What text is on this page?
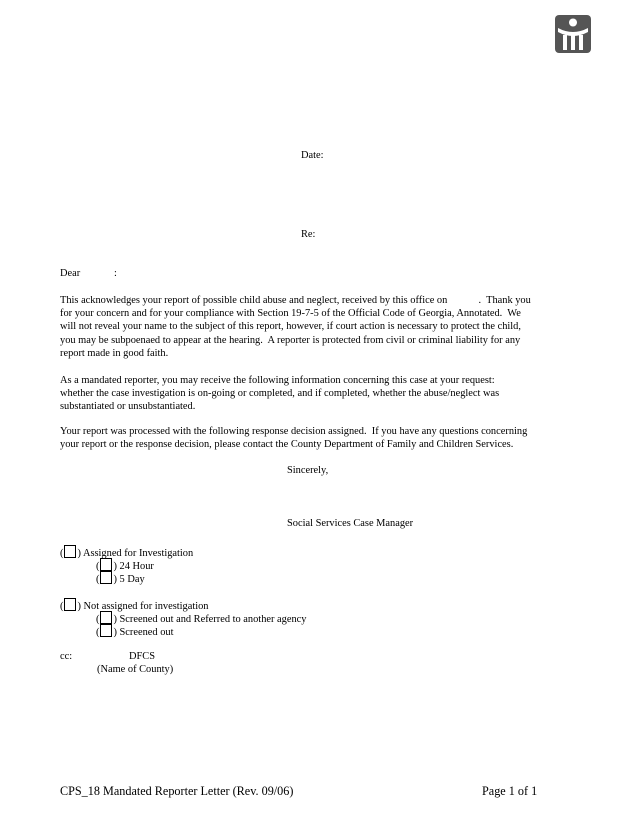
Date:
Re:
Dear	:
This acknowledges your report of possible child abuse and neglect, received by this office on            .  Thank you
for your concern and for your compliance with Section 19-7-5 of the Official Code of Georgia, Annotated.  We
will not reveal your name to the subject of this report, however, if court action is necessary to protect the child,
you may be subpoenaed to appear at the hearing.  A reporter is protected from civil or criminal liability for any
report made in good faith.
As a mandated reporter, you may receive the following information concerning this case at your request:
whether the case investigation is on-going or completed, and if completed, whether the abuse/neglect was
substantiated or unsubstantiated.
Your report was processed with the following response decision assigned.  If you have any questions concerning
your report or the response decision, please contact the County Department of Family and Children Services.
Sincerely,
Social Services Case Manager
( ) Assigned for Investigation
( ) 24 Hour
( ) 5 Day
( ) Not assigned for investigation
( ) Screened out and Referred to another agency
( ) Screened out
cc:	DFCS
(Name of County)
CPS_18 Mandated Reporter Letter (Rev. 09/06)	Page 1 of 1
